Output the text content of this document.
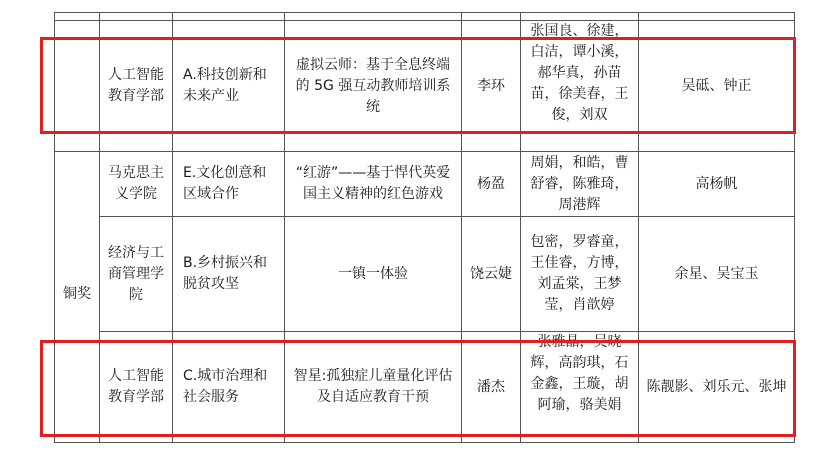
	人工智能教育学部	A.科技创新和未来产业	虚拟云师：基于全息终端的 5G 强互动教师培训系统	李环	张国良、徐建，白洁，谭小溪，郝华真，孙苗苗，徐美春，王俊，刘双	吴砥、钟正
铜奖	马克思主义学院	E.文化创意和区域合作	“红游”——基于悍代英爱国主义精神的红色游戏	杨盈	周娟，和皓，曹舒睿，陈雅琦，周港辉	高杨帆
	经济与工商管理学院	B.乡村振兴和脱贫攻坚	一镇一体验	饶云婕	包密，罗睿童，王佳睿，方博，刘孟棠，王梦莹，肖歆婷	余星、吴宝玉
	人工智能教育学部	C.城市治理和社会服务	智星:孤独症儿童量化评估及自适应教育干预	潘杰	张雅晶，吴晓辉，高韵琪，石金鑫，王璇，胡阿瑜，骆美娟	陈靓影、刘乐元、张坤
